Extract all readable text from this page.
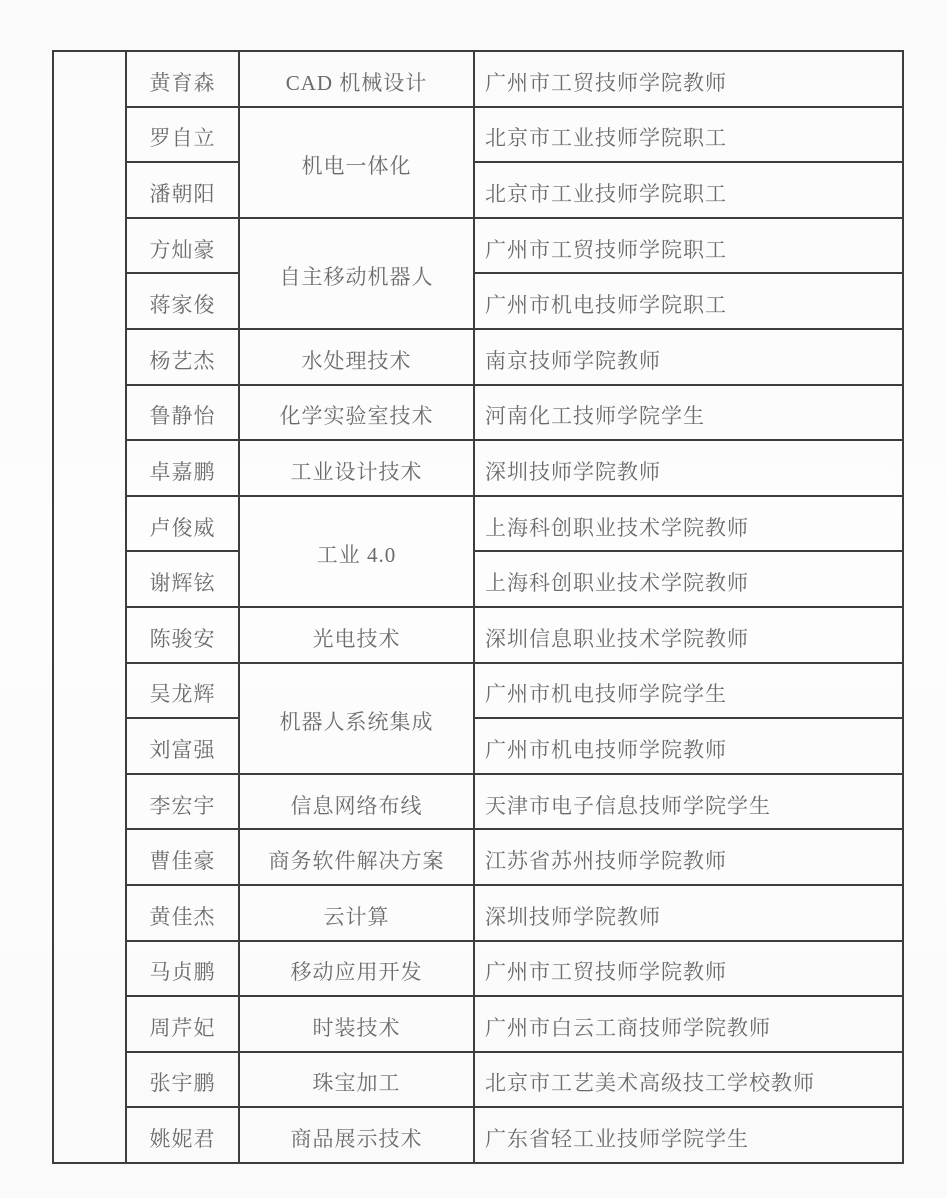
	黄育森	CAD 机械设计	广州市工贸技师学院教师
	罗自立	机电一体化	北京市工业技师学院职工
	潘朝阳		北京市工业技师学院职工
	方灿豪	自主移动机器人	广州市工贸技师学院职工
	蒋家俊		广州市机电技师学院职工
	杨艺杰	水处理技术	南京技师学院教师
	鲁静怡	化学实验室技术	河南化工技师学院学生
	卓嘉鹏	工业设计技术	深圳技师学院教师
	卢俊威	工业 4.0	上海科创职业技术学院教师
	谢辉铉		上海科创职业技术学院教师
	陈骏安	光电技术	深圳信息职业技术学院教师
	吴龙辉	机器人系统集成	广州市机电技师学院学生
	刘富强		广州市机电技师学院教师
	李宏宇	信息网络布线	天津市电子信息技师学院学生
	曹佳豪	商务软件解决方案	江苏省苏州技师学院教师
	黄佳杰	云计算	深圳技师学院教师
	马贞鹏	移动应用开发	广州市工贸技师学院教师
	周芹妃	时装技术	广州市白云工商技师学院教师
	张宇鹏	珠宝加工	北京市工艺美术高级技工学校教师
	姚妮君	商品展示技术	广东省轻工业技师学院学生
